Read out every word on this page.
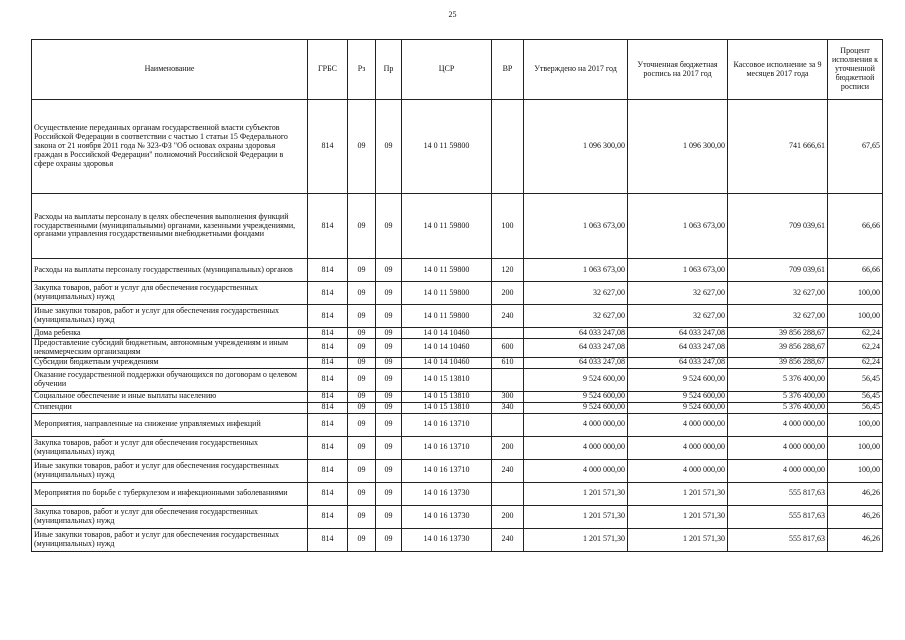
25
Наименование	ГРБС	Рз	Пр	ЦСР	ВР	Утверждено на 2017 год	Уточненная бюджетная роспись на 2017 год	Кассовое исполнение за 9 месяцев 2017 года	Процент исполнения к уточненной бюджетной росписи
Осуществление переданных органам государственной власти субъектов Российской Федерации в соответствии с частью 1 статьи 15 Федерального закона от 21 ноября 2011 года № 323-ФЗ "Об основах охраны здоровья граждан в Российской Федерации" полномочий Российской Федерации в сфере охраны здоровья	814	09	09	14 0 11 59800		1 096 300,00	1 096 300,00	741 666,61	67,65
Расходы на выплаты персоналу в целях обеспечения выполнения функций государственными (муниципальными) органами, казенными учреждениями, органами управления государственными внебюджетными фондами	814	09	09	14 0 11 59800	100	1 063 673,00	1 063 673,00	709 039,61	66,66
Расходы на выплаты персоналу государственных (муниципальных) органов	814	09	09	14 0 11 59800	120	1 063 673,00	1 063 673,00	709 039,61	66,66
Закупка товаров, работ и услуг для обеспечения государственных (муниципальных) нужд	814	09	09	14 0 11 59800	200	32 627,00	32 627,00	32 627,00	100,00
Иные закупки товаров, работ и услуг для обеспечения государственных (муниципальных) нужд	814	09	09	14 0 11 59800	240	32 627,00	32 627,00	32 627,00	100,00
Дома ребенка	814	09	09	14 0 14 10460		64 033 247,08	64 033 247,08	39 856 288,67	62,24
Предоставление субсидий бюджетным, автономным учреждениям и иным некоммерческим организациям	814	09	09	14 0 14 10460	600	64 033 247,08	64 033 247,08	39 856 288,67	62,24
Субсидии бюджетным учреждениям	814	09	09	14 0 14 10460	610	64 033 247,08	64 033 247,08	39 856 288,67	62,24
Оказание государственной поддержки обучающихся по договорам о целевом обучении	814	09	09	14 0 15 13810		9 524 600,00	9 524 600,00	5 376 400,00	56,45
Социальное обеспечение и иные выплаты населению	814	09	09	14 0 15 13810	300	9 524 600,00	9 524 600,00	5 376 400,00	56,45
Стипендии	814	09	09	14 0 15 13810	340	9 524 600,00	9 524 600,00	5 376 400,00	56,45
Мероприятия, направленные на снижение управляемых инфекций	814	09	09	14 0 16 13710		4 000 000,00	4 000 000,00	4 000 000,00	100,00
Закупка товаров, работ и услуг для обеспечения государственных (муниципальных) нужд	814	09	09	14 0 16 13710	200	4 000 000,00	4 000 000,00	4 000 000,00	100,00
Иные закупки товаров, работ и услуг для обеспечения государственных (муниципальных) нужд	814	09	09	14 0 16 13710	240	4 000 000,00	4 000 000,00	4 000 000,00	100,00
Мероприятия по борьбе с туберкулезом и инфекционными заболеваниями	814	09	09	14 0 16 13730		1 201 571,30	1 201 571,30	555 817,63	46,26
Закупка товаров, работ и услуг для обеспечения государственных (муниципальных) нужд	814	09	09	14 0 16 13730	200	1 201 571,30	1 201 571,30	555 817,63	46,26
Иные закупки товаров, работ и услуг для обеспечения государственных (муниципальных) нужд	814	09	09	14 0 16 13730	240	1 201 571,30	1 201 571,30	555 817,63	46,26
